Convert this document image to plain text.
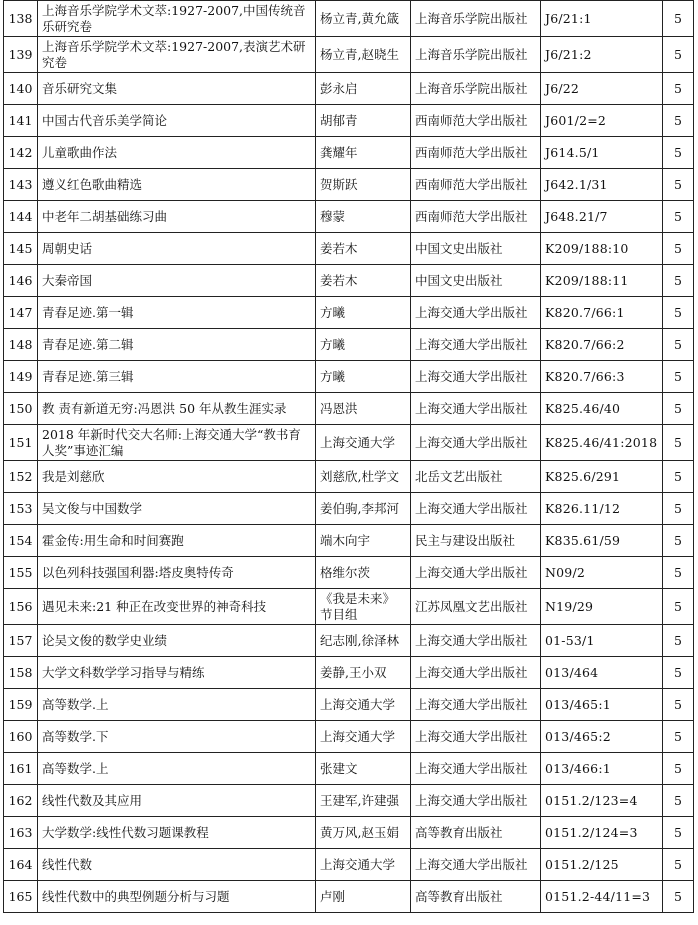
138	上海音乐学院学术文萃:1927-2007,中国传统音乐研究卷	杨立青,黄允箴	上海音乐学院出版社	J6/21:1	5
139	上海音乐学院学术文萃:1927-2007,表演艺术研究卷	杨立青,赵晓生	上海音乐学院出版社	J6/21:2	5
140	音乐研究文集	彭永启	上海音乐学院出版社	J6/22	5
141	中国古代音乐美学简论	胡郁青	西南师范大学出版社	J601/2=2	5
142	儿童歌曲作法	龚耀年	西南师范大学出版社	J614.5/1	5
143	遵义红色歌曲精选	贺斯跃	西南师范大学出版社	J642.1/31	5
144	中老年二胡基础练习曲	穆蒙	西南师范大学出版社	J648.21/7	5
145	周朝史话	姜若木	中国文史出版社	K209/188:10	5
146	大秦帝国	姜若木	中国文史出版社	K209/188:11	5
147	青春足迹.第一辑	方曦	上海交通大学出版社	K820.7/66:1	5
148	青春足迹.第二辑	方曦	上海交通大学出版社	K820.7/66:2	5
149	青春足迹.第三辑	方曦	上海交通大学出版社	K820.7/66:3	5
150	教 责有新道无穷:冯恩洪 50 年从教生涯实录	冯恩洪	上海交通大学出版社	K825.46/40	5
151	2018 年新时代交大名师:上海交通大学“教书育人奖”事迹汇编	上海交通大学	上海交通大学出版社	K825.46/41:2018	5
152	我是刘慈欣	刘慈欣,杜学文	北岳文艺出版社	K825.6/291	5
153	吴文俊与中国数学	姜伯驹,李邦河	上海交通大学出版社	K826.11/12	5
154	霍金传:用生命和时间赛跑	端木向宇	民主与建设出版社	K835.61/59	5
155	以色列科技强国利器:塔皮奥特传奇	格维尔茨	上海交通大学出版社	N09/2	5
156	遇见未来:21 种正在改变世界的神奇科技	《我是未来》节目组	江苏凤凰文艺出版社	N19/29	5
157	论吴文俊的数学史业绩	纪志刚,徐泽林	上海交通大学出版社	01-53/1	5
158	大学文科数学学习指导与精练	姜静,王小双	上海交通大学出版社	013/464	5
159	高等数学.上	上海交通大学	上海交通大学出版社	013/465:1	5
160	高等数学.下	上海交通大学	上海交通大学出版社	013/465:2	5
161	高等数学.上	张建文	上海交通大学出版社	013/466:1	5
162	线性代数及其应用	王建军,许建强	上海交通大学出版社	0151.2/123=4	5
163	大学数学:线性代数习题课教程	黄万风,赵玉娟	高等教育出版社	0151.2/124=3	5
164	线性代数	上海交通大学	上海交通大学出版社	0151.2/125	5
165	线性代数中的典型例题分析与习题	卢刚	高等教育出版社	0151.2-44/11=3	5
